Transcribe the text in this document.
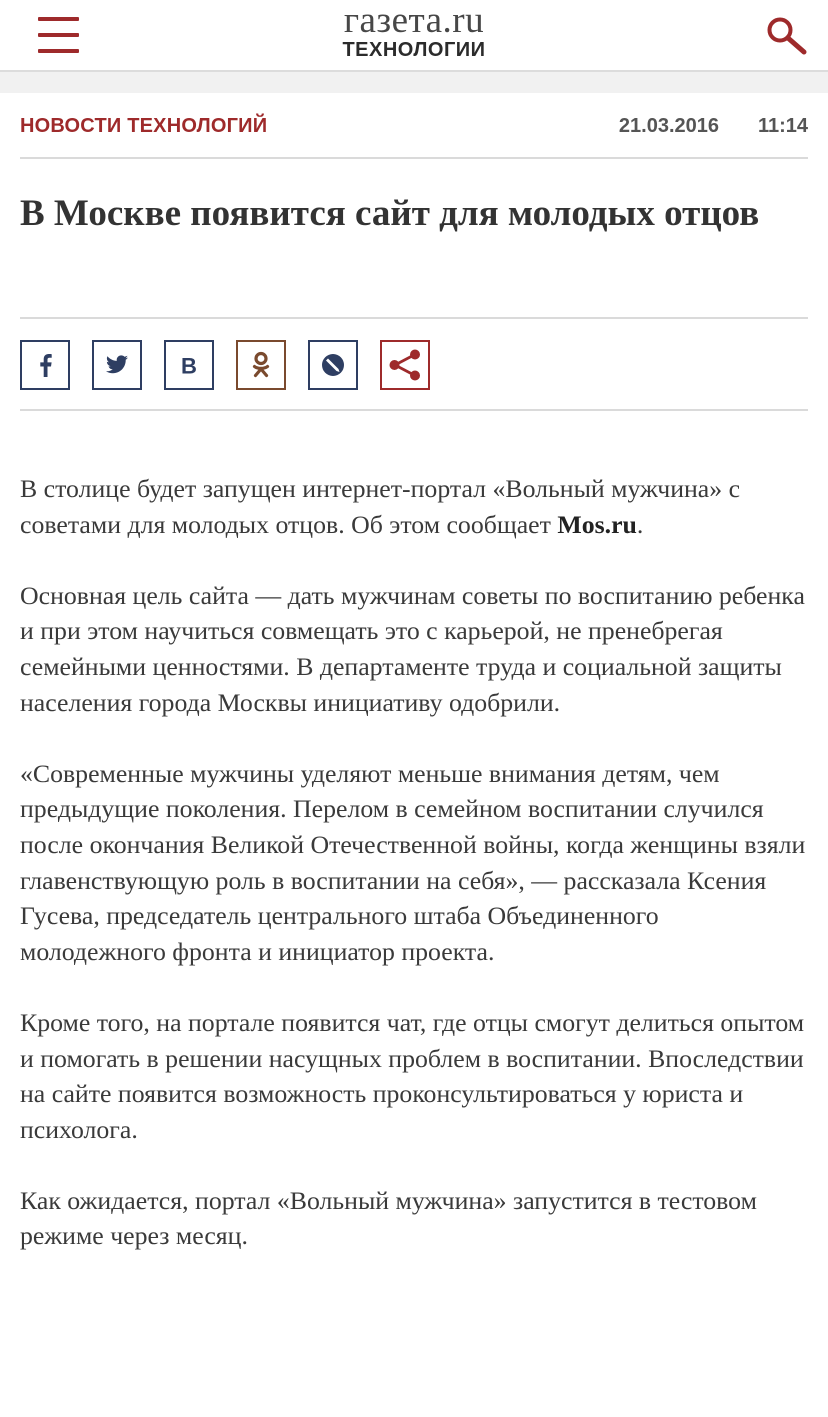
газета.ru
ТЕХНОЛОГИИ
НОВОСТИ ТЕХНОЛОГИЙ	21.03.2016 11:14
В Москве появится сайт для молодых отцов
B

В столице будет запущен интернет-портал «Вольный мужчина» с советами для молодых отцов. Об этом сообщает Mos.ru.

Основная цель сайта — дать мужчинам советы по воспитанию ребенка и при этом научиться совмещать это с карьерой, не пренебрегая семейными ценностями. В департаменте труда и социальной защиты населения города Москвы инициативу одобрили.

«Современные мужчины уделяют меньше внимания детям, чем предыдущие поколения. Перелом в семейном воспитании случился после окончания Великой Отечественной войны, когда женщины взяли главенствующую роль в воспитании на себя», — рассказала Ксения Гусева, председатель центрального штаба Объединенного молодежного фронта и инициатор проекта.

Кроме того, на портале появится чат, где отцы смогут делиться опытом и помогать в решении насущных проблем в воспитании. Впоследствии на сайте появится возможность проконсультироваться у юриста и психолога.

Как ожидается, портал «Вольный мужчина» запустится в тестовом режиме через месяц.
